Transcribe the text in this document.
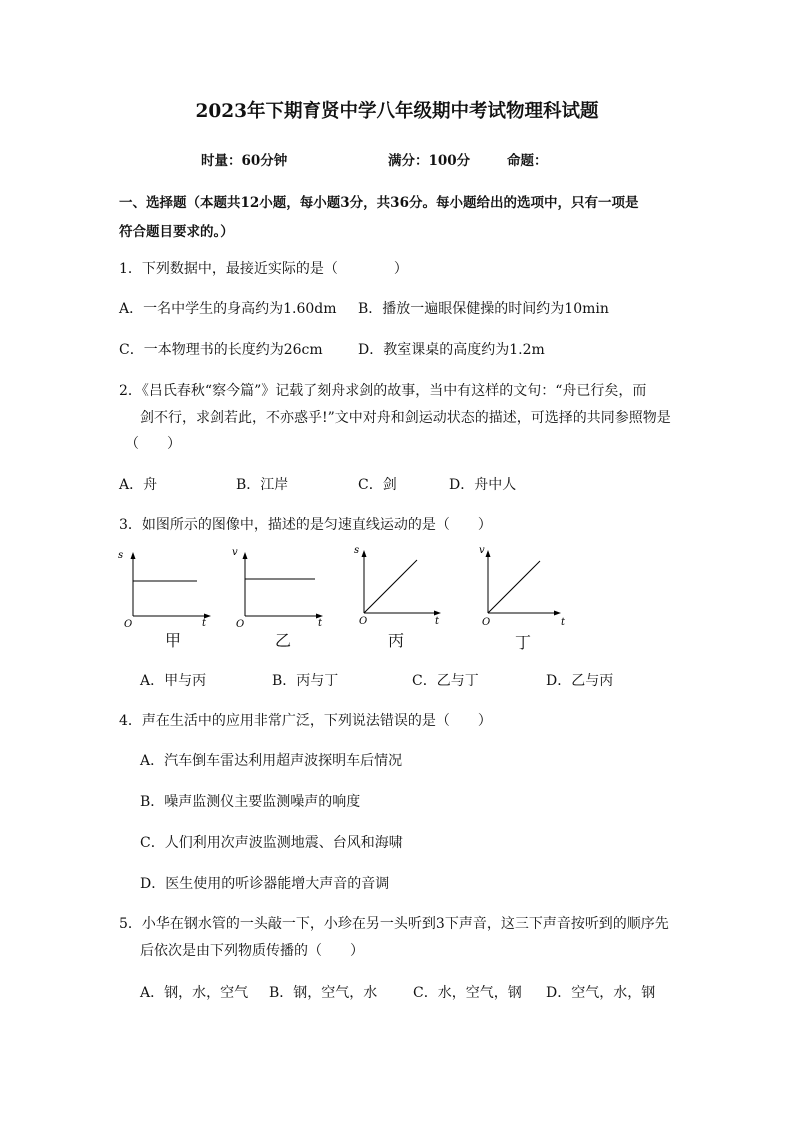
2023年下期育贤中学八年级期中考试物理科试题
时量：60分钟	满分：100分	命题：
一、选择题（本题共12小题，每小题3分，共36分。每小题给出的选项中，只有一项是
符合题目要求的。）
1．下列数据中，最接近实际的是（　　　　）
A．一名中学生的身高约为1.60dm B．播放一遍眼保健操的时间约为10min
C．一本物理书的长度约为26cm	D．教室课桌的高度约为1.2m
2．《吕氏春秋“察今篇”》记载了刻舟求剑的故事，当中有这样的文句：“舟已行矣，而
剑不行，求剑若此，不亦惑乎!”文中对舟和剑运动状态的描述，可选择的共同参照物是
（　　）
A．舟	B．江岸	C．剑	D．舟中人
3．如图所示的图像中，描述的是匀速直线运动的是（　　）
s
t
O
甲
v
t
O
乙
s
t
O
丙
v
t
O
丁
A．甲与丙	B．丙与丁	C．乙与丁	D．乙与丙
4．声在生活中的应用非常广泛，下列说法错误的是（　　）
A．汽车倒车雷达利用超声波探明车后情况
B．噪声监测仪主要监测噪声的响度
C．人们利用次声波监测地震、台风和海啸
D．医生使用的听诊器能增大声音的音调
5．小华在钢水管的一头敲一下，小珍在另一头听到3下声音，这三下声音按听到的顺序先
后依次是由下列物质传播的（　　）
A．钢，水，空气 B．钢，空气，水	C．水，空气，钢 D．空气，水，钢
